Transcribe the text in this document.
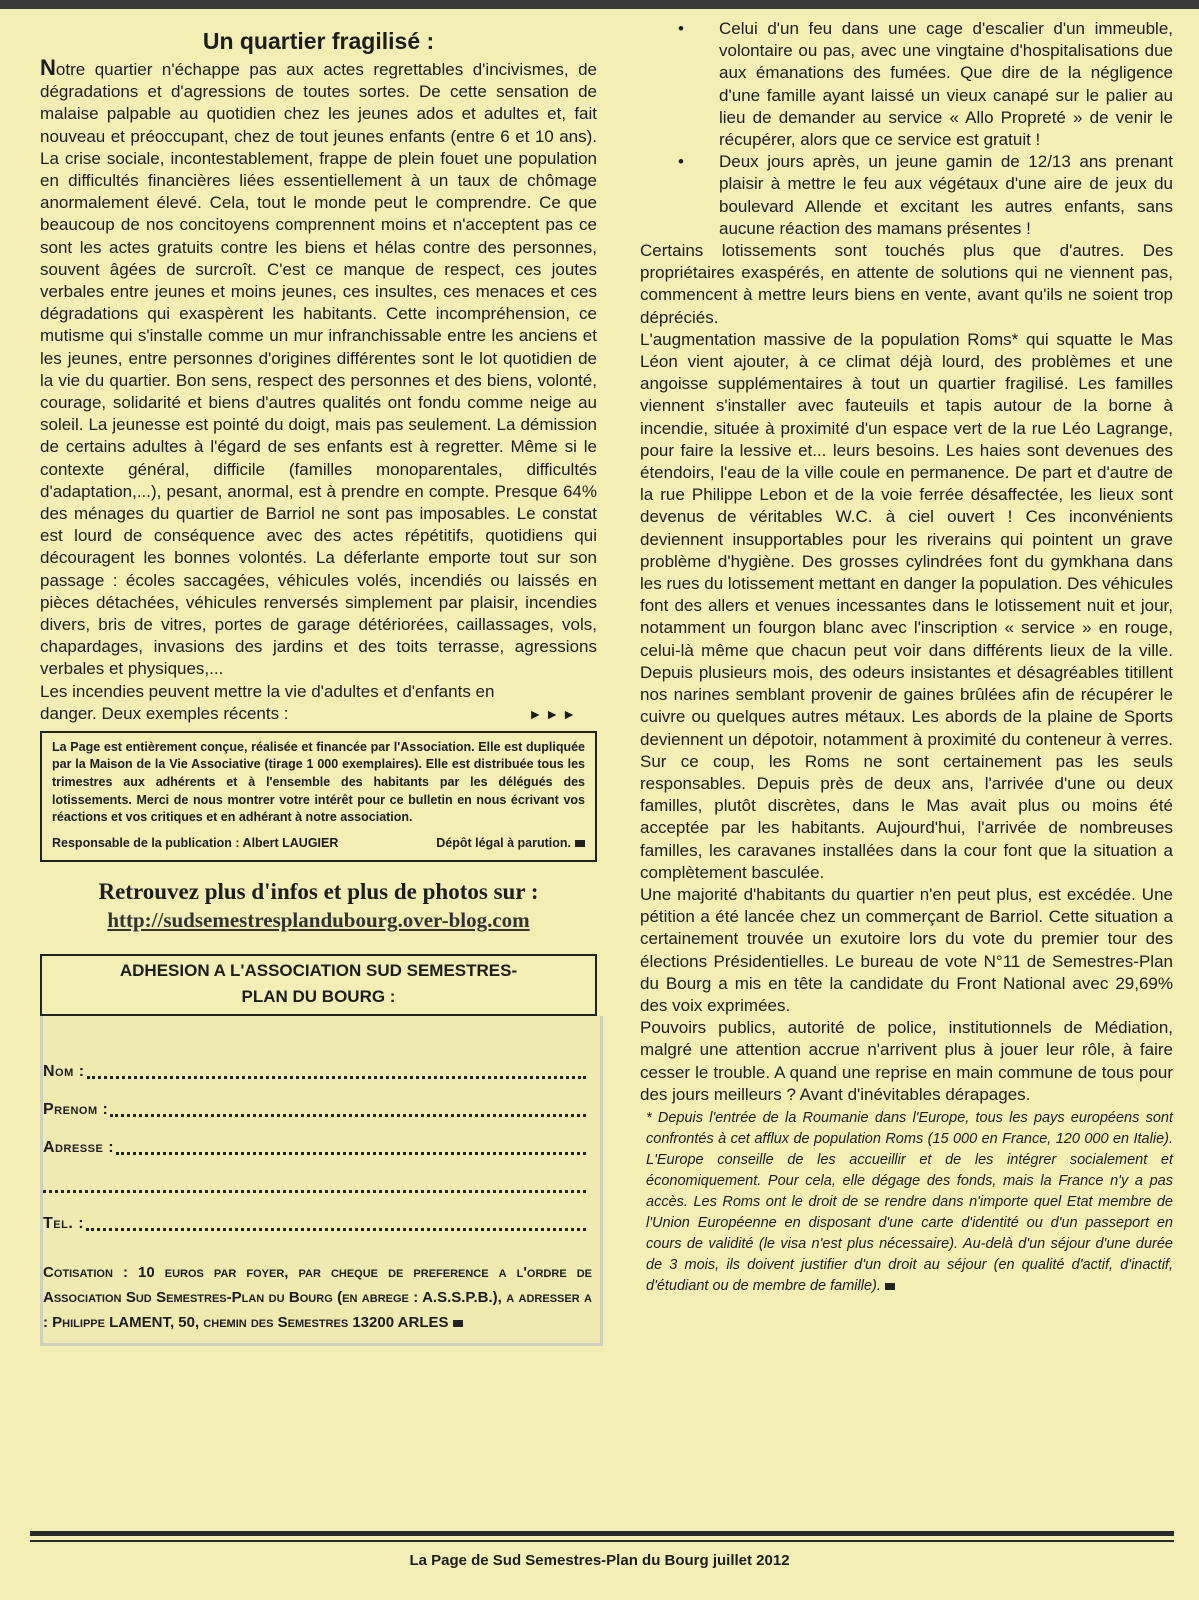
Un quartier fragilisé :

Notre quartier n'échappe pas aux actes regrettables d'incivismes, de dégradations et d'agressions de toutes sortes. De cette sensation de malaise palpable au quotidien chez les jeunes ados et adultes et, fait nouveau et préoccupant, chez de tout jeunes enfants (entre 6 et 10 ans). La crise sociale, incontestablement, frappe de plein fouet une population en difficultés financières liées essentiellement à un taux de chômage anormalement élevé. Cela, tout le monde peut le comprendre. Ce que beaucoup de nos concitoyens comprennent moins et n'acceptent pas ce sont les actes gratuits contre les biens et hélas contre des personnes, souvent âgées de surcroît. C'est ce manque de respect, ces joutes verbales entre jeunes et moins jeunes, ces insultes, ces menaces et ces dégradations qui exaspèrent les habitants. Cette incompréhension, ce mutisme qui s'installe comme un mur infranchissable entre les anciens et les jeunes, entre personnes d'origines différentes sont le lot quotidien de la vie du quartier. Bon sens, respect des personnes et des biens, volonté, courage, solidarité et biens d'autres qualités ont fondu comme neige au soleil. La jeunesse est pointé du doigt, mais pas seulement. La démission de certains adultes à l'égard de ses enfants est à regretter. Même si le contexte général, difficile (familles monoparentales, difficultés d'adaptation,...), pesant, anormal, est à prendre en compte. Presque 64% des ménages du quartier de Barriol ne sont pas imposables. Le constat est lourd de conséquence avec des actes répétitifs, quotidiens qui découragent les bonnes volontés. La déferlante emporte tout sur son passage : écoles saccagées, véhicules volés, incendiés ou laissés en pièces détachées, véhicules renversés simplement par plaisir, incendies divers, bris de vitres, portes de garage détériorées, caillassages, vols, chapardages, invasions des jardins et des toits terrasse, agressions verbales et physiques,...

Les incendies peuvent mettre la vie d'adultes et d'enfants en
danger. Deux exemples récents :	►►►
La Page est entièrement conçue, réalisée et financée par l'Association. Elle est dupliquée par la Maison de la Vie Associative (tirage 1 000 exemplaires). Elle est distribuée tous les trimestres aux adhérents et à l'ensemble des habitants par les délégués des lotissements. Merci de nous montrer votre intérêt pour ce bulletin en nous écrivant vos réactions et vos critiques et en adhérant à notre association.
Responsable de la publication : Albert LAUGIER	Dépôt légal à parution.
Retrouvez plus d'infos et plus de photos sur :
http://sudsemestresplandubourg.over-blog.com
ADHESION A L'ASSOCIATION SUD SEMESTRES-
PLAN DU BOURG :
Nom :
Prenom :
Adresse :
Tel. :
Cotisation : 10 euros par foyer, par cheque de preference a l'ordre de Association Sud Semestres-Plan du Bourg (en abrege : A.S.S.P.B.), a adresser a : Philippe LAMENT, 50, chemin des Semestres 13200 ARLES
• Celui d'un feu dans une cage d'escalier d'un immeuble, volontaire ou pas, avec une vingtaine d'hospitalisations due aux émanations des fumées. Que dire de la négligence d'une famille ayant laissé un vieux canapé sur le palier au lieu de demander au service « Allo Propreté » de venir le récupérer, alors que ce service est gratuit !
• Deux jours après, un jeune gamin de 12/13 ans prenant plaisir à mettre le feu aux végétaux d'une aire de jeux du boulevard Allende et excitant les autres enfants, sans aucune réaction des mamans présentes !

Certains lotissements sont touchés plus que d'autres. Des propriétaires exaspérés, en attente de solutions qui ne viennent pas, commencent à mettre leurs biens en vente, avant qu'ils ne soient trop dépréciés.

L'augmentation massive de la population Roms* qui squatte le Mas Léon vient ajouter, à ce climat déjà lourd, des problèmes et une angoisse supplémentaires à tout un quartier fragilisé. Les familles viennent s'installer avec fauteuils et tapis autour de la borne à incendie, située à proximité d'un espace vert de la rue Léo Lagrange, pour faire la lessive et... leurs besoins. Les haies sont devenues des étendoirs, l'eau de la ville coule en permanence. De part et d'autre de la rue Philippe Lebon et de la voie ferrée désaffectée, les lieux sont devenus de véritables W.C. à ciel ouvert ! Ces inconvénients deviennent insupportables pour les riverains qui pointent un grave problème d'hygiène. Des grosses cylindrées font du gymkhana dans les rues du lotissement mettant en danger la population. Des véhicules font des allers et venues incessantes dans le lotissement nuit et jour, notamment un fourgon blanc avec l'inscription « service » en rouge, celui-là même que chacun peut voir dans différents lieux de la ville. Depuis plusieurs mois, des odeurs insistantes et désagréables titillent nos narines semblant provenir de gaines brûlées afin de récupérer le cuivre ou quelques autres métaux. Les abords de la plaine de Sports deviennent un dépotoir, notamment à proximité du conteneur à verres. Sur ce coup, les Roms ne sont certainement pas les seuls responsables. Depuis près de deux ans, l'arrivée d'une ou deux familles, plutôt discrètes, dans le Mas avait plus ou moins été acceptée par les habitants. Aujourd'hui, l'arrivée de nombreuses familles, les caravanes installées dans la cour font que la situation a complètement basculée.

Une majorité d'habitants du quartier n'en peut plus, est excédée. Une pétition a été lancée chez un commerçant de Barriol. Cette situation a certainement trouvée un exutoire lors du vote du premier tour des élections Présidentielles. Le bureau de vote N°11 de Semestres-Plan du Bourg a mis en tête la candidate du Front National avec 29,69% des voix exprimées.

Pouvoirs publics, autorité de police, institutionnels de Médiation, malgré une attention accrue n'arrivent plus à jouer leur rôle, à faire cesser le trouble. A quand une reprise en main commune de tous pour des jours meilleurs ? Avant d'inévitables dérapages.

* Depuis l'entrée de la Roumanie dans l'Europe, tous les pays européens sont confrontés à cet afflux de population Roms (15 000 en France, 120 000 en Italie). L'Europe conseille de les accueillir et de les intégrer socialement et économiquement. Pour cela, elle dégage des fonds, mais la France n'y a pas accès. Les Roms ont le droit de se rendre dans n'importe quel Etat membre de l'Union Européenne en disposant d'une carte d'identité ou d'un passeport en cours de validité (le visa n'est plus nécessaire). Au-delà d'un séjour d'une durée de 3 mois, ils doivent justifier d'un droit au séjour (en qualité d'actif, d'inactif, d'étudiant ou de membre de famille).

La Page de Sud Semestres-Plan du Bourg juillet 2012
